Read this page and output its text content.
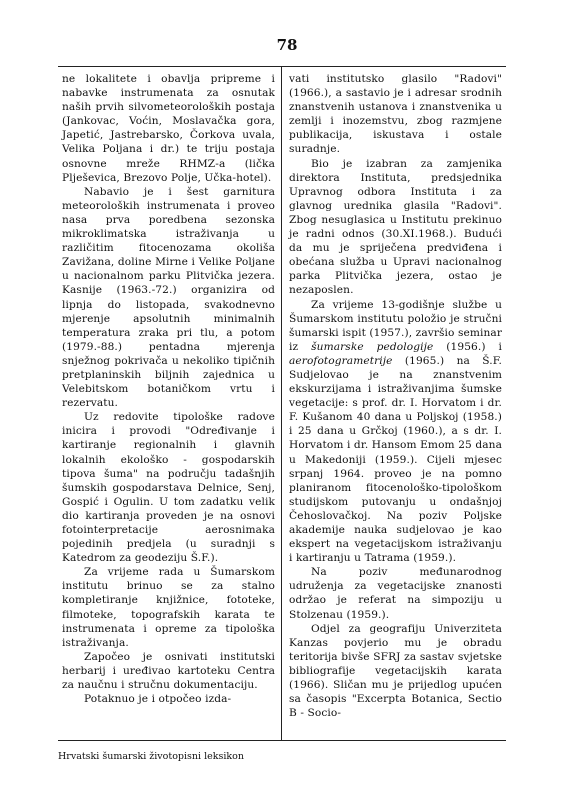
78

ne lokalitete i obavlja pripreme i nabavke instrumenata za osnutak naših prvih silvometeoroloških postaja (Jankovac, Voćin, Moslavačka gora, Japetić, Jastrebarsko, Čorkova uvala, Velika Poljana i dr.) te triju postaja osnovne mreže RHMZ-a (lička Plješevica, Brezovo Polje, Učka-hotel).

Nabavio je i šest garnitura meteoroloških instrumenata i proveo nasa prva poredbena sezonska mikroklimatska istraživanja u različitim fitocenozama okoliša Zavižana, doline Mirne i Velike Poljane u nacionalnom parku Plitvička jezera. Kasnije (1963.-72.) organizira od lipnja do listopada, svakodnevno mjerenje apsolutnih minimalnih temperatura zraka pri tlu, a potom (1979.-88.) pentadna mjerenja snježnog pokrivača u nekoliko tipičnih pretplaninskih biljnih zajednica u Velebitskom botaničkom vrtu i rezervatu.

Uz redovite tipološke radove inicira i provodi "Određivanje i kartiranje regionalnih i glavnih lokalnih ekološko - gospodarskih tipova šuma" na području tadašnjih šumskih gospodarstava Delnice, Senj, Gospić i Ogulin. U tom zadatku velik dio kartiranja proveden je na osnovi fotointerpretacije aerosnimaka pojedinih predjela (u suradnji s Katedrom za geodeziju Š.F.).

Za vrijeme rada u Šumarskom institutu brinuo se za stalno kompletiranje knjižnice, fototeke, filmoteke, topografskih karata te instrumenata i opreme za tipološka istraživanja.

Započeo je osnivati institutski herbarij i uređivao kartoteku Centra za naučnu i stručnu dokumentaciju.

Potaknuo je i otpočeo izda-

vati institutsko glasilo "Radovi" (1966.), a sastavio je i adresar srodnih znanstvenih ustanova i znanstvenika u zemlji i inozemstvu, zbog razmjene publikacija, iskustava i ostale suradnje.

Bio je izabran za zamjenika direktora Instituta, predsjednika Upravnog odbora Instituta i za glavnog urednika glasila "Radovi". Zbog nesuglasica u Institutu prekinuo je radni odnos (30.XI.1968.). Budući da mu je spriječena predviđena i obećana služba u Upravi nacionalnog parka Plitvička jezera, ostao je nezaposlen.

Za vrijeme 13-godišnje službe u Šumarskom institutu položio je stručni šumarski ispit (1957.), završio seminar iz šumarske pedologije (1956.) i aerofotogrametrije (1965.) na Š.F. Sudjelovao je na znanstvenim ekskurzijama i istraživanjima šumske vegetacije: s prof. dr. I. Horvatom i dr. F. Kušanom 40 dana u Poljskoj (1958.) i 25 dana u Grčkoj (1960.), a s dr. I. Horvatom i dr. Hansom Emom 25 dana u Makedoniji (1959.). Cijeli mjesec srpanj 1964. proveo je na pomno planiranom fitocenološko-tipološkom studijskom putovanju u ondašnjoj Čehoslovačkoj. Na poziv Poljske akademije nauka sudjelovao je kao ekspert na vegetacijskom istraživanju i kartiranju u Tatrama (1959.).

Na poziv međunarodnog udruženja za vegetacijske znanosti održao je referat na simpoziju u Stolzenau (1959.).

Odjel za geografiju Univerziteta Kanzas povjerio mu je obradu teritorija bivše SFRJ za sastav svjetske bibliografije vegetacijskih karata (1966). Sličan mu je prijedlog upućen sa časopis "Excerpta Botanica, Sectio B - Socio-

Hrvatski šumarski životopisni leksikon
